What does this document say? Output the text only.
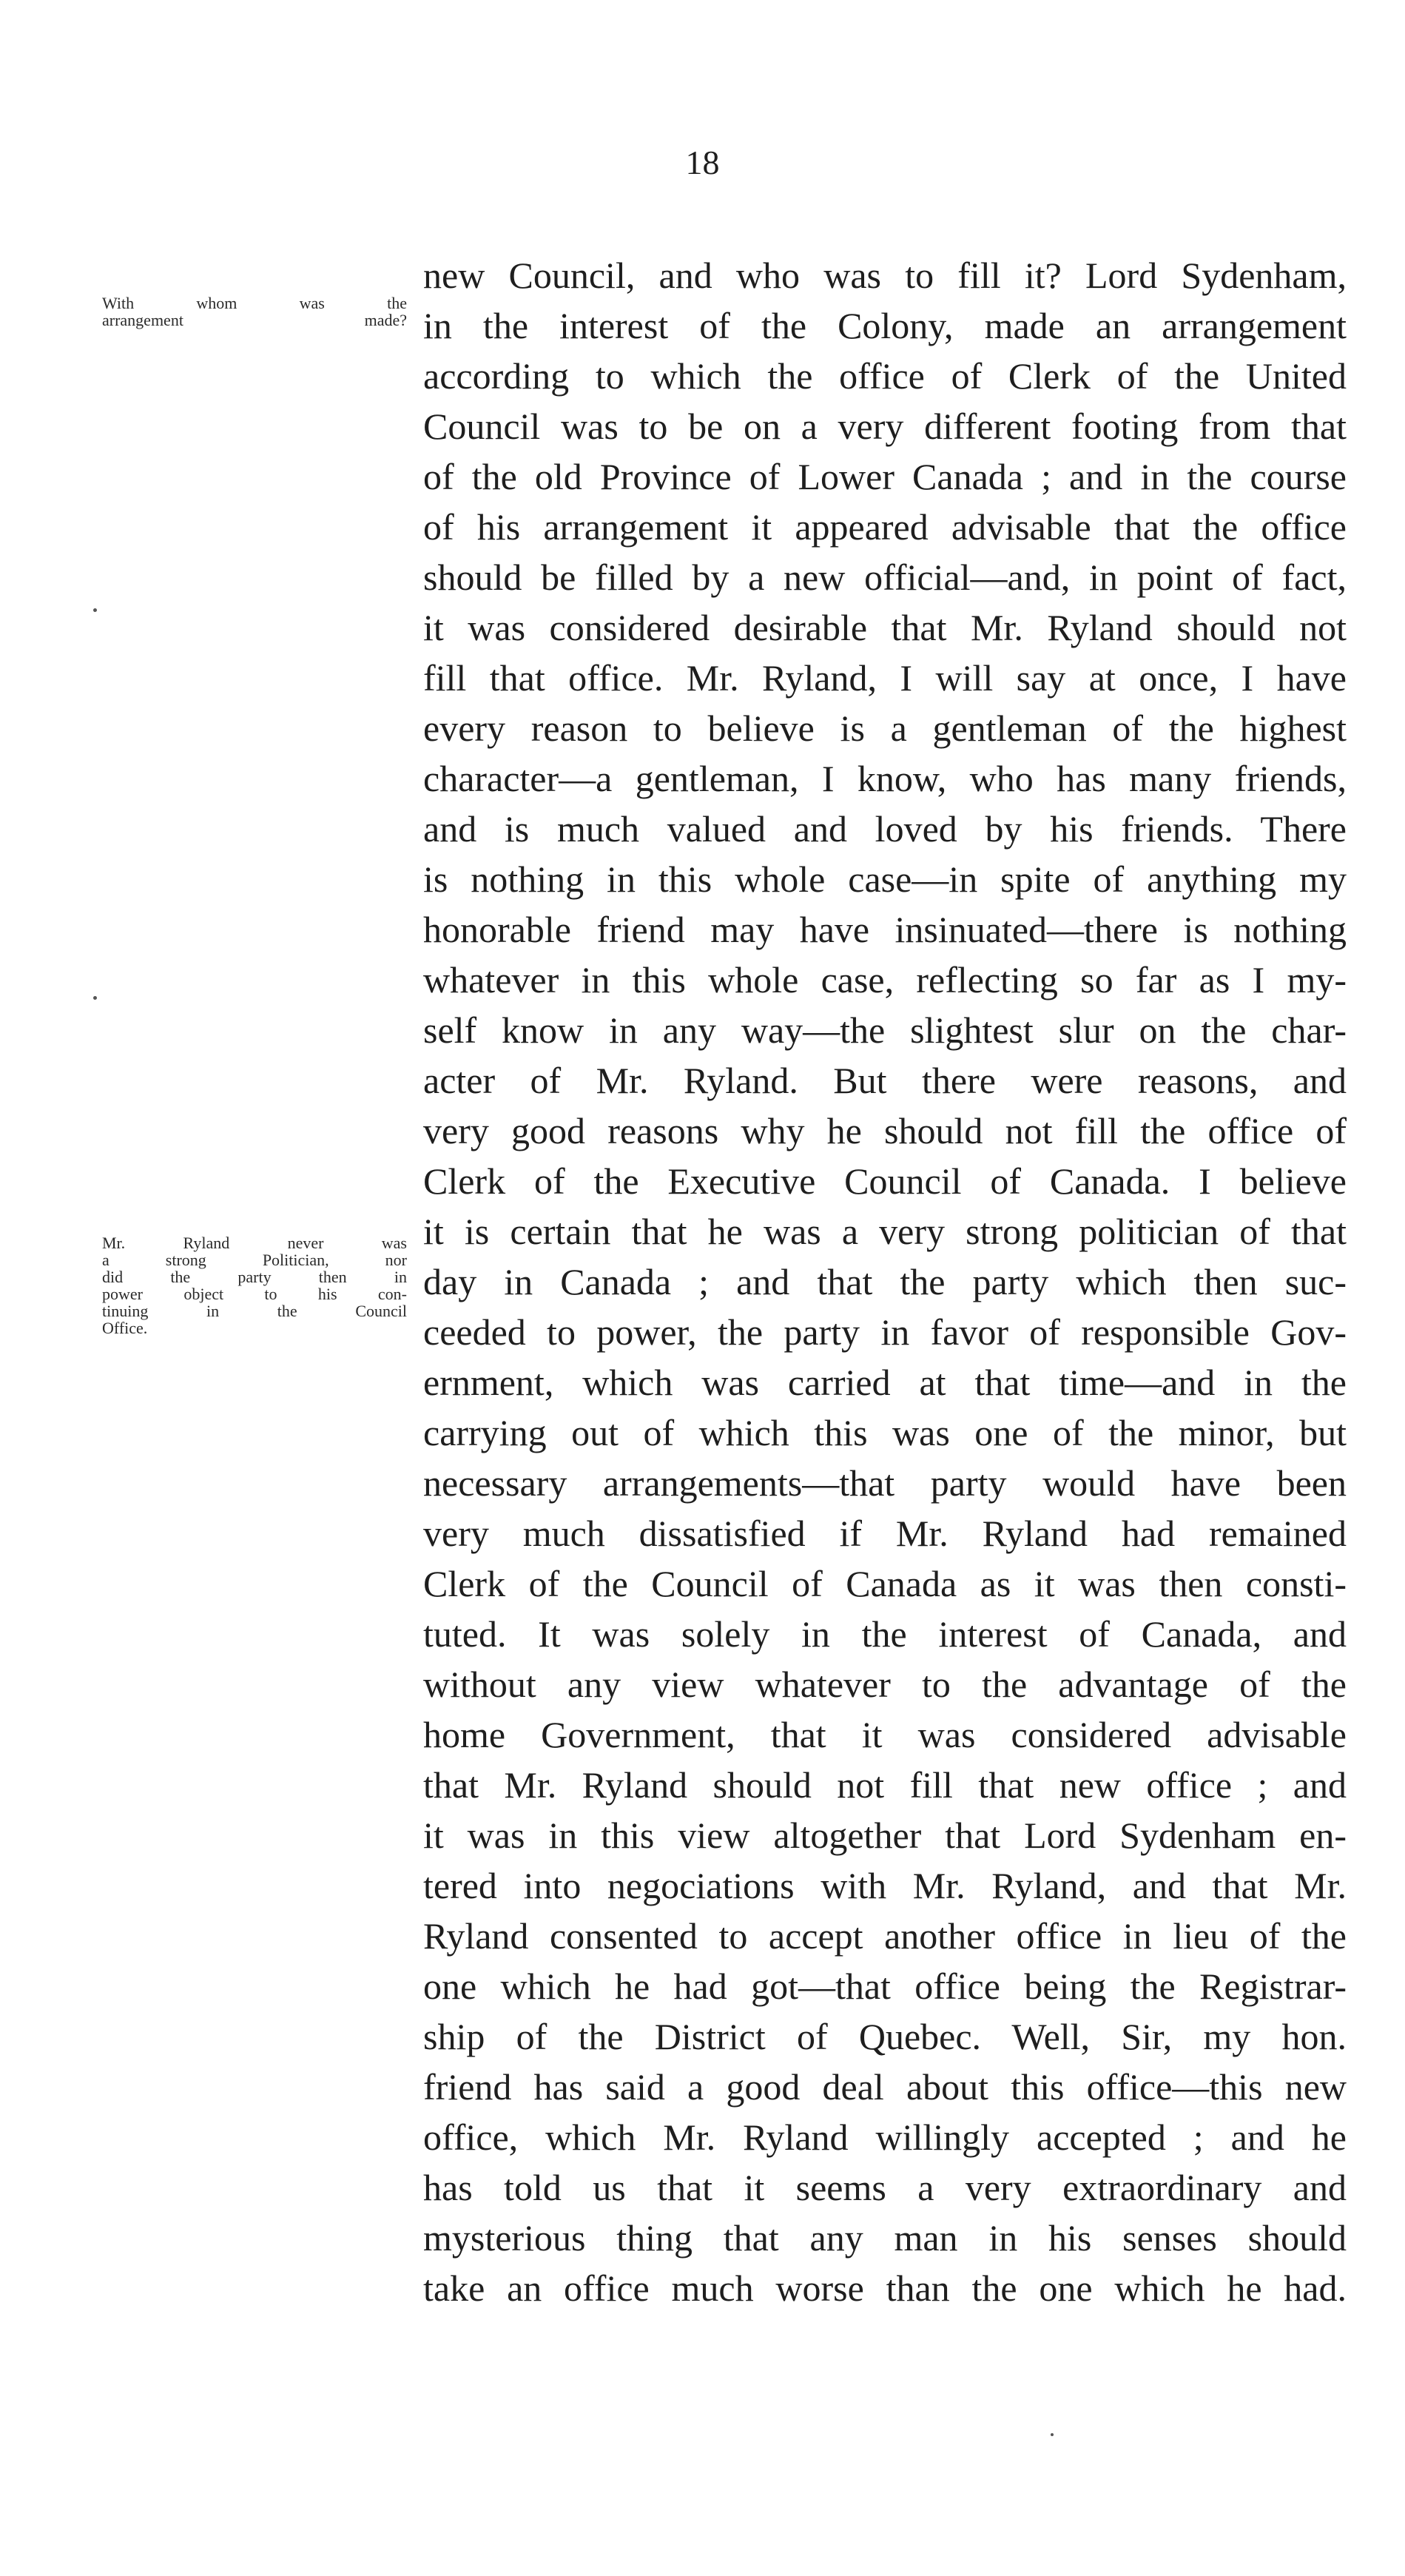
18
With whom was the
arrangement made?
Mr. Ryland never was
a strong Politician, nor
did the party then in
power object to his con-
tinuing in the Council
Office.
new Council, and who was to fill it? Lord Sydenham,
in the interest of the Colony, made an arrangement
according to which the office of Clerk of the United
Council was to be on a very different footing from that
of the old Province of Lower Canada ; and in the course
of his arrangement it appeared advisable that the office
should be filled by a new official—and, in point of fact,
it was considered desirable that Mr. Ryland should not
fill that office. Mr. Ryland, I will say at once, I have
every reason to believe is a gentleman of the highest
character—a gentleman, I know, who has many friends,
and is much valued and loved by his friends. There
is nothing in this whole case—in spite of anything my
honorable friend may have insinuated—there is nothing
whatever in this whole case, reflecting so far as I my-
self know in any way—the slightest slur on the char-
acter of Mr. Ryland. But there were reasons, and
very good reasons why he should not fill the office of
Clerk of the Executive Council of Canada. I believe
it is certain that he was a very strong politician of that
day in Canada ; and that the party which then suc-
ceeded to power, the party in favor of responsible Gov-
ernment, which was carried at that time—and in the
carrying out of which this was one of the minor, but
necessary arrangements—that party would have been
very much dissatisfied if Mr. Ryland had remained
Clerk of the Council of Canada as it was then consti-
tuted. It was solely in the interest of Canada, and
without any view whatever to the advantage of the
home Government, that it was considered advisable
that Mr. Ryland should not fill that new office ; and
it was in this view altogether that Lord Sydenham en-
tered into negociations with Mr. Ryland, and that Mr.
Ryland consented to accept another office in lieu of the
one which he had got—that office being the Registrar-
ship of the District of Quebec. Well, Sir, my hon.
friend has said a good deal about this office—this new
office, which Mr. Ryland willingly accepted ; and he
has told us that it seems a very extraordinary and
mysterious thing that any man in his senses should
take an office much worse than the one which he had.
